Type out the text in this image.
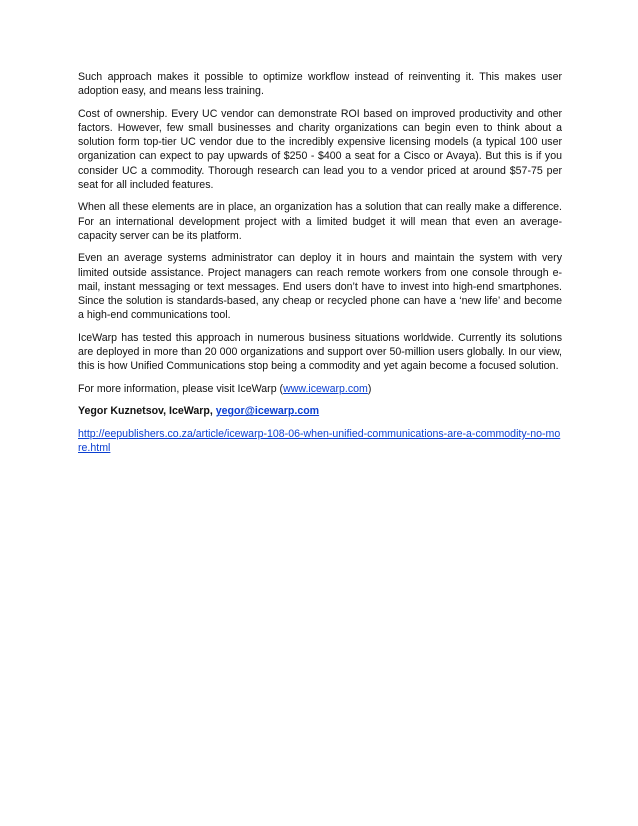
Such approach makes it possible to optimize workflow instead of reinventing it. This makes user adoption easy, and means less training.

Cost of ownership. Every UC vendor can demonstrate ROI based on improved productivity and other factors. However, few small businesses and charity organizations can begin even to think about a solution form top-tier UC vendor due to the incredibly expensive licensing models (a typical 100 user organization can expect to pay upwards of $250 - $400 a seat for a Cisco or Avaya). But this is if you consider UC a commodity. Thorough research can lead you to a vendor priced at around $57-75 per seat for all included features.

When all these elements are in place, an organization has a solution that can really make a difference. For an international development project with a limited budget it will mean that even an average-capacity server can be its platform.

Even an average systems administrator can deploy it in hours and maintain the system with very limited outside assistance. Project managers can reach remote workers from one console through e-mail, instant messaging or text messages. End users don’t have to invest into high-end smartphones. Since the solution is standards-based, any cheap or recycled phone can have a ‘new life’ and become a high-end communications tool.

IceWarp has tested this approach in numerous business situations worldwide. Currently its solutions are deployed in more than 20 000 organizations and support over 50-million users globally. In our view, this is how Unified Communications stop being a commodity and yet again become a focused solution.

For more information, please visit IceWarp (www.icewarp.com)

Yegor Kuznetsov, IceWarp, yegor@icewarp.com

http://eepublishers.co.za/article/icewarp-108-06-when-unified-communications-are-a-commodity-no-more.html
